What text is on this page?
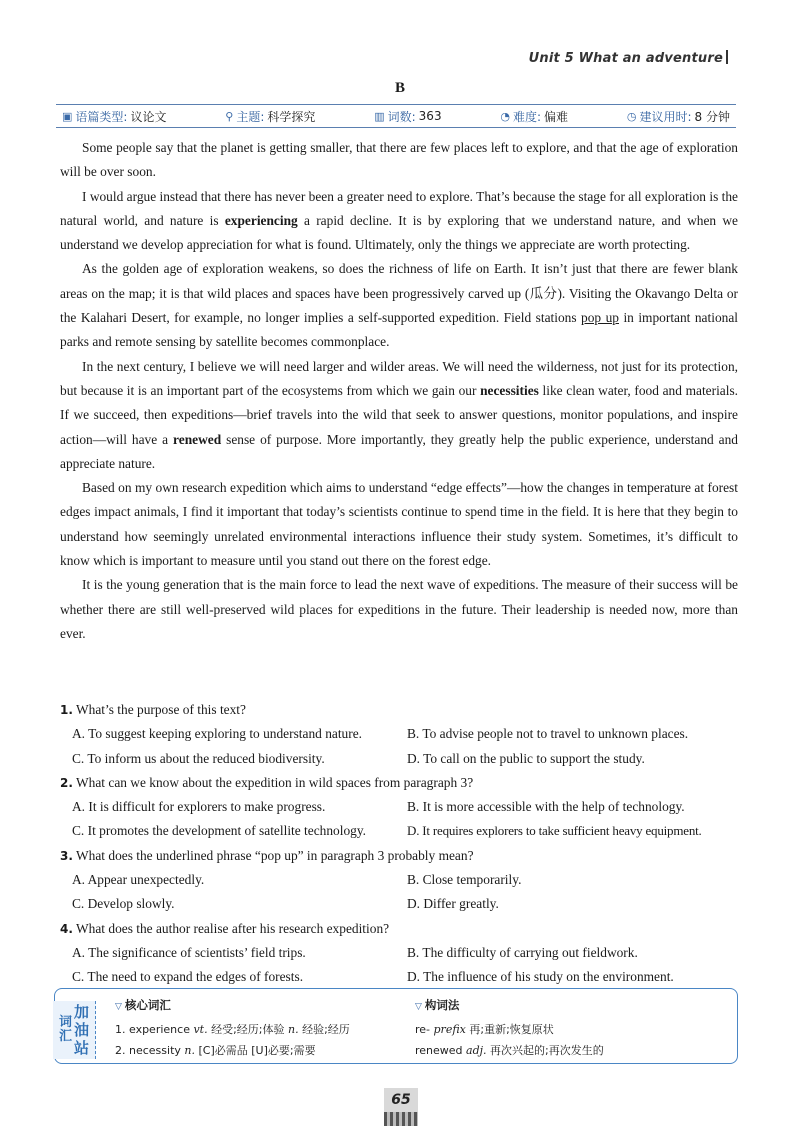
Unit 5 What an adventure
B
▣ 语篇类型: 议论文	⚲ 主题: 科学探究	▥ 词数: 363	◔ 难度: 偏难	◷ 建议用时: 8 分钟

Some people say that the planet is getting smaller, that there are few places left to explore, and that the age of exploration will be over soon.

I would argue instead that there has never been a greater need to explore. That’s because the stage for all exploration is the natural world, and nature is experiencing a rapid decline. It is by exploring that we understand nature, and when we understand we develop appreciation for what is found. Ultimately, only the things we appreciate are worth protecting.

As the golden age of exploration weakens, so does the richness of life on Earth. It isn’t just that there are fewer blank areas on the map; it is that wild places and spaces have been progressively carved up (瓜分). Visiting the Okavango Delta or the Kalahari Desert, for example, no longer implies a self-supported expedition. Field stations pop up in important national parks and remote sensing by satellite becomes commonplace.

In the next century, I believe we will need larger and wilder areas. We will need the wilderness, not just for its protection, but because it is an important part of the ecosystems from which we gain our necessities like clean water, food and materials. If we succeed, then expeditions—brief travels into the wild that seek to answer questions, monitor populations, and inspire action—will have a renewed sense of purpose. More importantly, they greatly help the public experience, understand and appreciate nature.

Based on my own research expedition which aims to understand “edge effects”—how the changes in temperature at forest edges impact animals, I find it important that today’s scientists continue to spend time in the field. It is here that they begin to understand how seemingly unrelated environmental interactions influence their study system. Sometimes, it’s difficult to know which is important to measure until you stand out there on the forest edge.

It is the young generation that is the main force to lead the next wave of expeditions. The measure of their success will be whether there are still well-preserved wild places for expeditions in the future. Their leadership is needed now, more than ever.

1. What’s the purpose of this text?
A. To suggest keeping exploring to understand nature.	B. To advise people not to travel to unknown places.
C. To inform us about the reduced biodiversity.	D. To call on the public to support the study.
2. What can we know about the expedition in wild spaces from paragraph 3?
A. It is difficult for explorers to make progress.	B. It is more accessible with the help of technology.
C. It promotes the development of satellite technology.	D. It requires explorers to take sufficient heavy equipment.
3. What does the underlined phrase “pop up” in paragraph 3 probably mean?
A. Appear unexpectedly.	B. Close temporarily.
C. Develop slowly.	D. Differ greatly.
4. What does the author realise after his research expedition?
A. The significance of scientists’ field trips.	B. The difficulty of carrying out fieldwork.
C. The need to expand the edges of forests.	D. The influence of his study on the environment.
词
汇
加
油
站
▽ 核心词汇
1. experience vt. 经受;经历;体验 n. 经验;经历
2. necessity n. [C]必需品 [U]必要;需要
▽ 构词法
re- prefix 再;重新;恢复原状
renewed adj. 再次兴起的;再次发生的
65
